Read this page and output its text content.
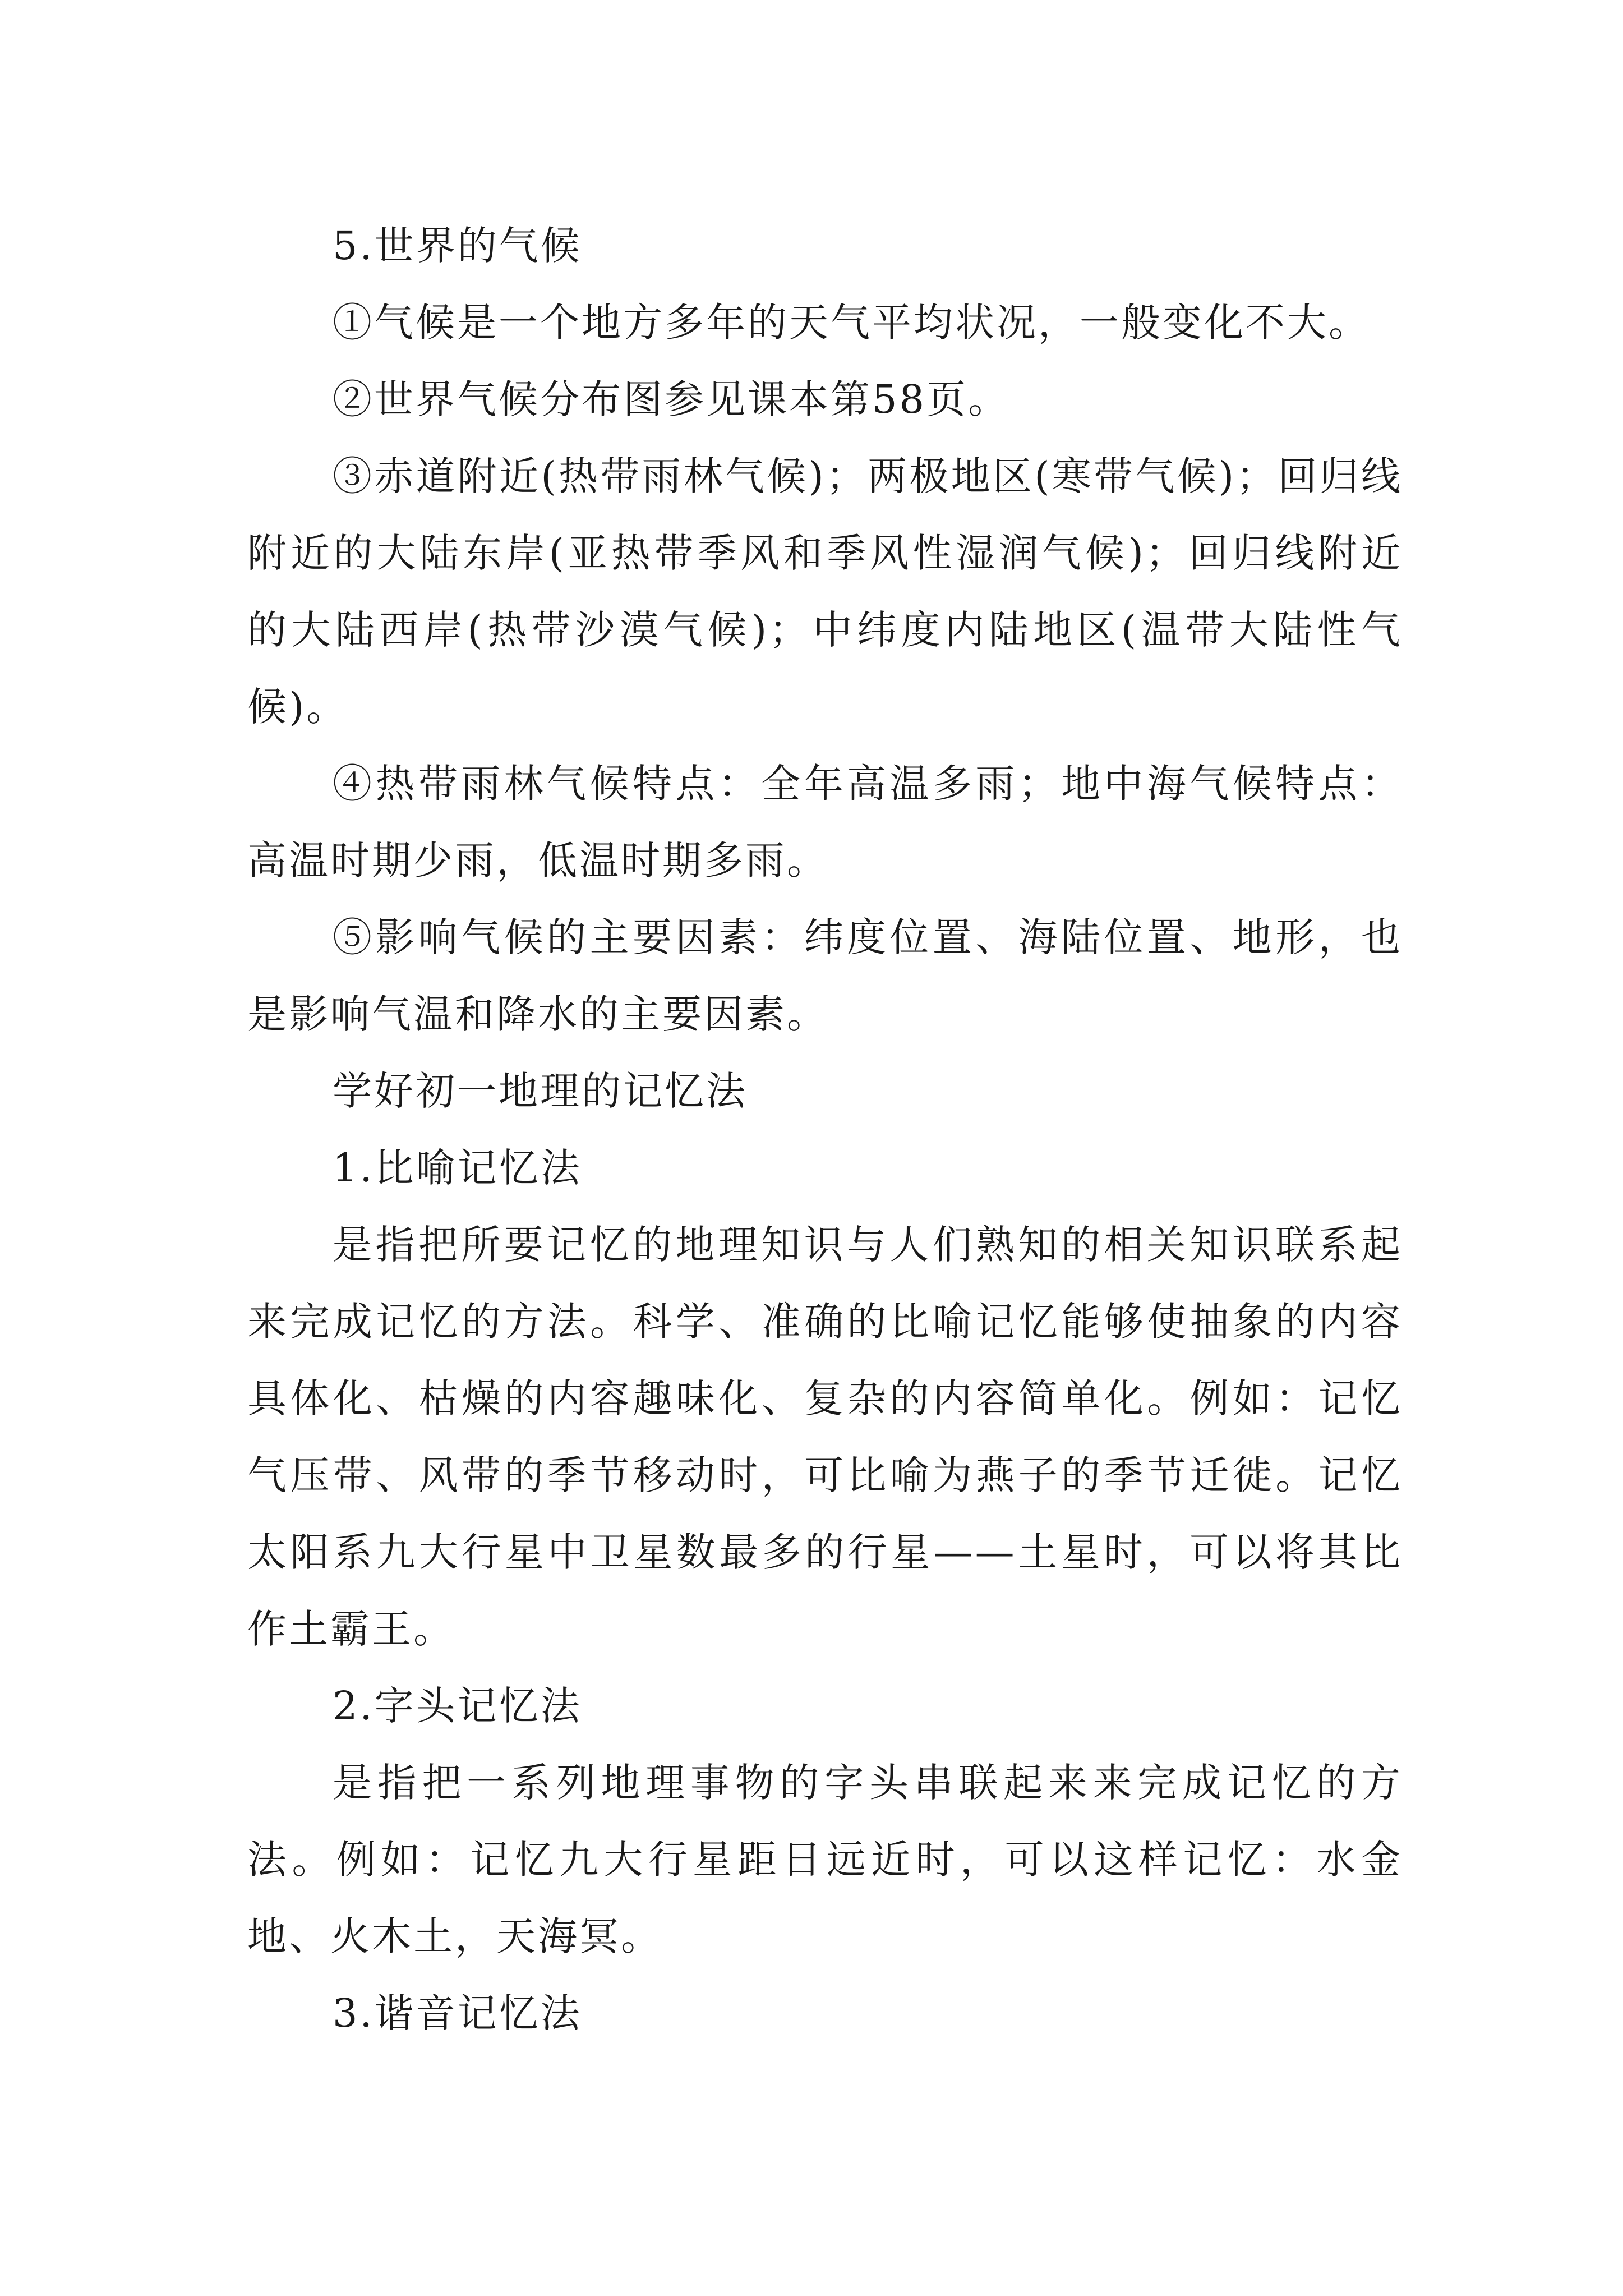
5.世界的气候

①气候是一个地方多年的天气平均状况，一般变化不大。

②世界气候分布图参见课本第58页。

③赤道附近(热带雨林气候)；两极地区(寒带气候)；回归线附近的大陆东岸(亚热带季风和季风性湿润气候)；回归线附近的大陆西岸(热带沙漠气候)；中纬度内陆地区(温带大陆性气候)。

④热带雨林气候特点：全年高温多雨；地中海气候特点：高温时期少雨，低温时期多雨。

⑤影响气候的主要因素：纬度位置、海陆位置、地形，也是影响气温和降水的主要因素。

学好初一地理的记忆法

1.比喻记忆法

是指把所要记忆的地理知识与人们熟知的相关知识联系起来完成记忆的方法。科学、准确的比喻记忆能够使抽象的内容具体化、枯燥的内容趣味化、复杂的内容简单化。例如：记忆气压带、风带的季节移动时，可比喻为燕子的季节迁徙。记忆太阳系九大行星中卫星数最多的行星——土星时，可以将其比作土霸王。

2.字头记忆法

是指把一系列地理事物的字头串联起来来完成记忆的方法。例如：记忆九大行星距日远近时，可以这样记忆：水金地、火木土，天海冥。

3.谐音记忆法
